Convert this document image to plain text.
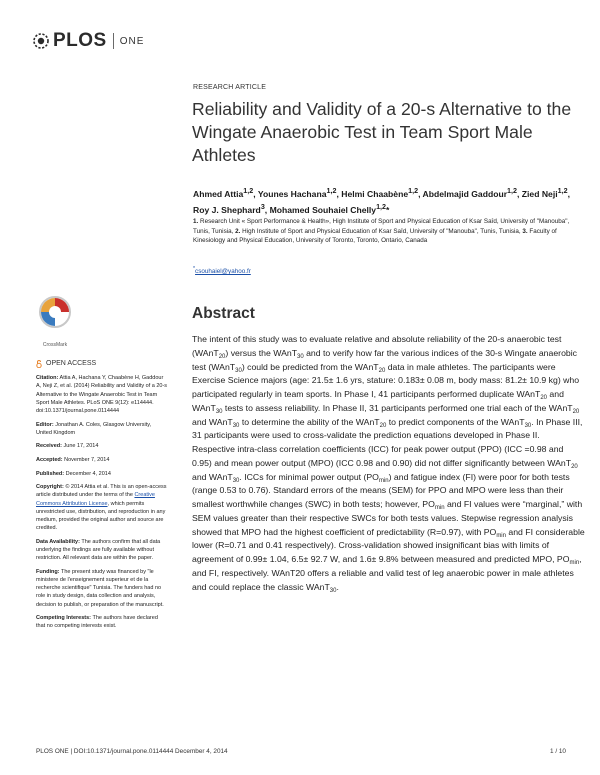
PLOS ONE
RESEARCH ARTICLE
Reliability and Validity of a 20-s Alternative to the Wingate Anaerobic Test in Team Sport Male Athletes
Ahmed Attia$^{1,2}$, Younes Hachana$^{1,2}$, Helmi Chaabène$^{1,2}$, Abdelmajid Gaddour$^{1,2}$, Zied Neji$^{1,2}$, Roy J. Shephard$^3$, Mohamed Souhaiel Chelly$^{1,2}$*
1. Research Unit « Sport Performance & Health», High Institute of Sport and Physical Education of Ksar Saîd, University of "Manouba", Tunis, Tunisia, 2. High Institute of Sport and Physical Education of Ksar Saîd, University of "Manouba", Tunis, Tunisia, 3. Faculty of Kinesiology and Physical Education, University of Toronto, Toronto, Ontario, Canada
*csouhaiel@yahoo.fr
Abstract

The intent of this study was to evaluate relative and absolute reliability of the 20-s anaerobic test (WAnT$_{20}$) versus the WAnT$_{30}$ and to verify how far the various indices of the 30-s Wingate anaerobic test (WAnT$_{30}$) could be predicted from the WAnT$_{20}$ data in male athletes. The participants were Exercise Science majors (age: 21.5± 1.6 yrs, stature: 0.183± 0.08 m, body mass: 81.2± 10.9 kg) who participated regularly in team sports. In Phase I, 41 participants performed duplicate WAnT$_{20}$ and WAnT$_{30}$ tests to assess reliability. In Phase II, 31 participants performed one trial each of the WAnT$_{20}$ and WAnT$_{30}$ to determine the ability of the WAnT$_{20}$ to predict components of the WAnT$_{30}$. In Phase III, 31 participants were used to cross-validate the prediction equations developed in Phase II. Respective intra-class correlation coefficients (ICC) for peak power output (PPO) (ICC =0.98 and 0.95) and mean power output (MPO) (ICC 0.98 and 0.90) did not differ significantly between WAnT$_{20}$ and WAnT$_{30}$. ICCs for minimal power output $(PO_{min})$ and fatigue index (FI) were poor for both tests (range 0.53 to 0.76). Standard errors of the means (SEM) for PPO and MPO were less than their smallest worthwhile changes (SWC) in both tests; however, $PO_{min}$ and FI values were “marginal,” with SEM values greater than their respective SWCs for both tests values. Stepwise regression analysis showed that MPO had the highest coefficient of predictability (R=0.97), with $PO_{min}$ and FI considerable lower (R=0.71 and 0.41 respectively). Cross-validation showed insignificant bias with limits of agreement of 0.99± 1.04, 6.5± 92.7 W, and 1.6± 9.8% between measured and predicted MPO, $PO_{min}$, and FI, respectively. WAnT20 offers a reliable and valid test of leg anaerobic power in male athletes and could replace the classic WAnT$_{30}$.

CrossMark
OPEN ACCESS
Citation: Attia A, Hachana Y, Chaabène H, Gaddour A, Neji Z, et al. (2014) Reliability and Validity of a 20-s Alternative to the Wingate Anaerobic Test in Team Sport Male Athletes. PLoS ONE 9(12): e114444. doi:10.1371/journal.pone.0114444
Editor: Jonathan A. Coles, Glasgow University, United Kingdom
Received: June 17, 2014
Accepted: November 7, 2014
Published: December 4, 2014
Copyright: © 2014 Attia et al. This is an open-access article distributed under the terms of the Creative Commons Attribution License, which permits unrestricted use, distribution, and reproduction in any medium, provided the original author and source are credited.
Data Availability: The authors confirm that all data underlying the findings are fully available without restriction. All relevant data are within the paper.
Funding: The present study was financed by "le ministere de l'enseignement superieur et de la recherche scientifique" Tunisia. The funders had no role in study design, data collection and analysis, decision to publish, or preparation of the manuscript.
Competing Interests: The authors have declared that no competing interests exist.
PLOS ONE | DOI:10.1371/journal.pone.0114444 December 4, 2014	1 / 10
